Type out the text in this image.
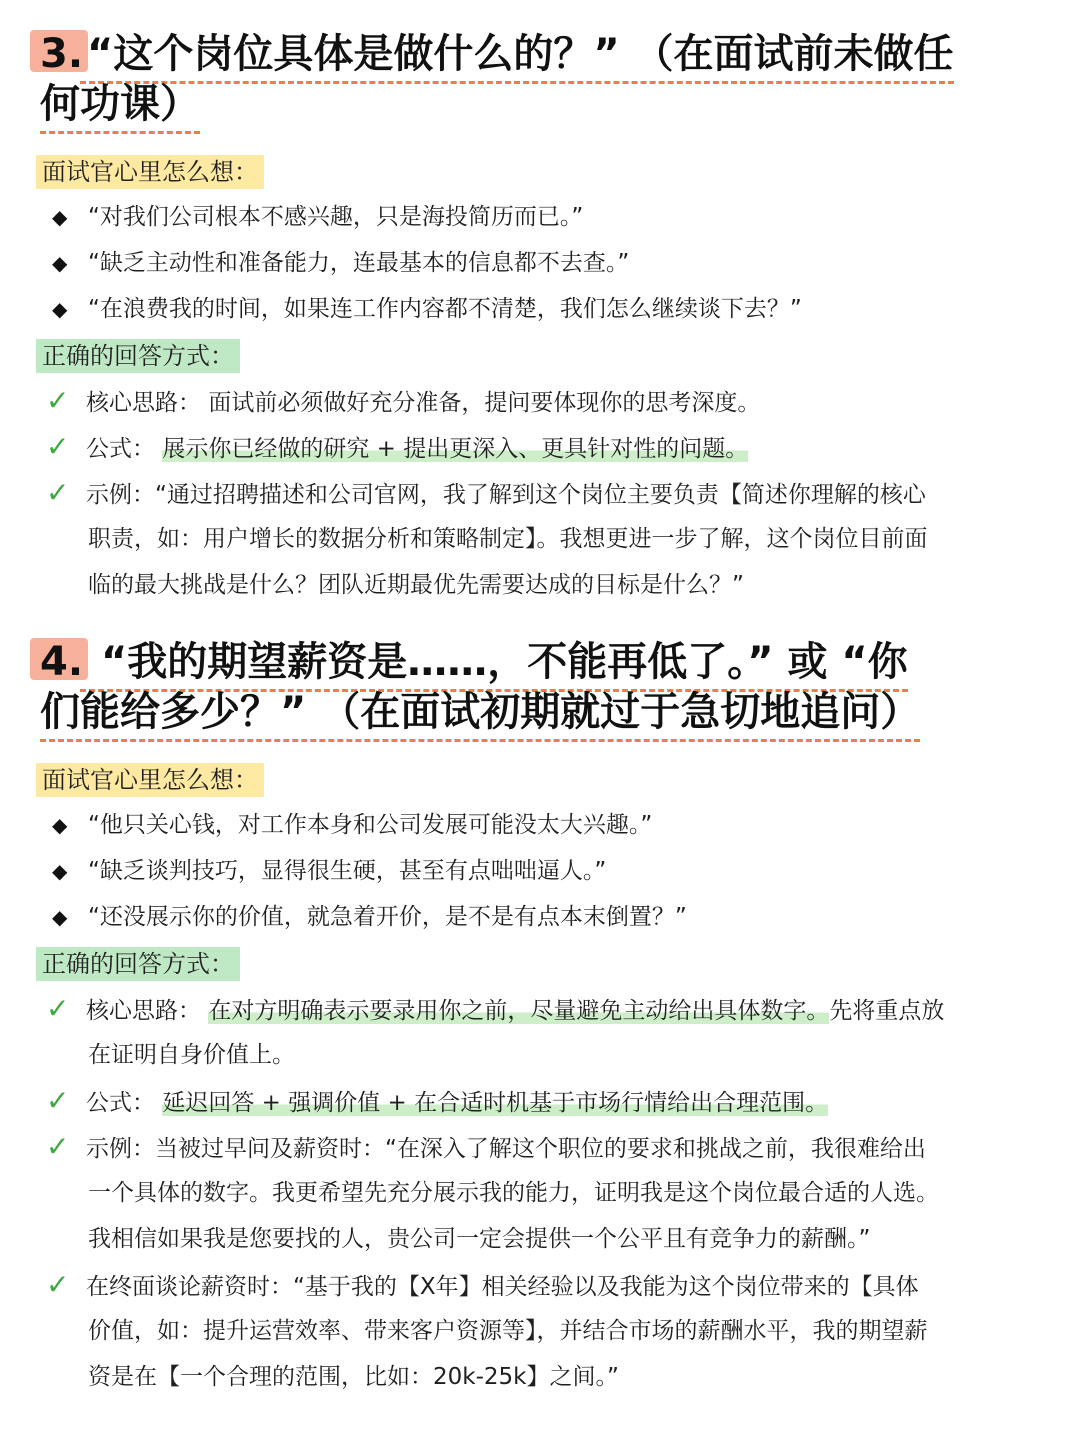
3. “这个岗位具体是做什么的？” （在面试前未做任
何功课）
面试官心里怎么想：
◆ “对我们公司根本不感兴趣，只是海投简历而已。”
◆ “缺乏主动性和准备能力，连最基本的信息都不去查。”
◆ “在浪费我的时间，如果连工作内容都不清楚，我们怎么继续谈下去？”
正确的回答方式：
✓ 核心思路： 面试前必须做好充分准备，提问要体现你的思考深度。
✓ 公式： 展示你已经做的研究 + 提出更深入、更具针对性的问题。
✓ 示例：“通过招聘描述和公司官网，我了解到这个岗位主要负责【简述你理解的核心
职责，如：用户增长的数据分析和策略制定】。我想更进一步了解，这个岗位目前面
临的最大挑战是什么？团队近期最优先需要达成的目标是什么？”
4. “我的期望薪资是……，不能再低了。” 或 “你
们能给多少？” （在面试初期就过于急切地追问）
面试官心里怎么想：
◆ “他只关心钱，对工作本身和公司发展可能没太大兴趣。”
◆ “缺乏谈判技巧，显得很生硬，甚至有点咄咄逼人。”
◆ “还没展示你的价值，就急着开价，是不是有点本末倒置？”
正确的回答方式：
✓ 核心思路： 在对方明确表示要录用你之前，尽量避免主动给出具体数字。先将重点放
在证明自身价值上。
✓ 公式： 延迟回答 + 强调价值 + 在合适时机基于市场行情给出合理范围。
✓ 示例：当被过早问及薪资时：“在深入了解这个职位的要求和挑战之前，我很难给出
一个具体的数字。我更希望先充分展示我的能力，证明我是这个岗位最合适的人选。
我相信如果我是您要找的人，贵公司一定会提供一个公平且有竞争力的薪酬。”
✓ 在终面谈论薪资时：“基于我的【X年】相关经验以及我能为这个岗位带来的【具体
价值，如：提升运营效率、带来客户资源等】，并结合市场的薪酬水平，我的期望薪
资是在【一个合理的范围，比如：20k-25k】之间。”
